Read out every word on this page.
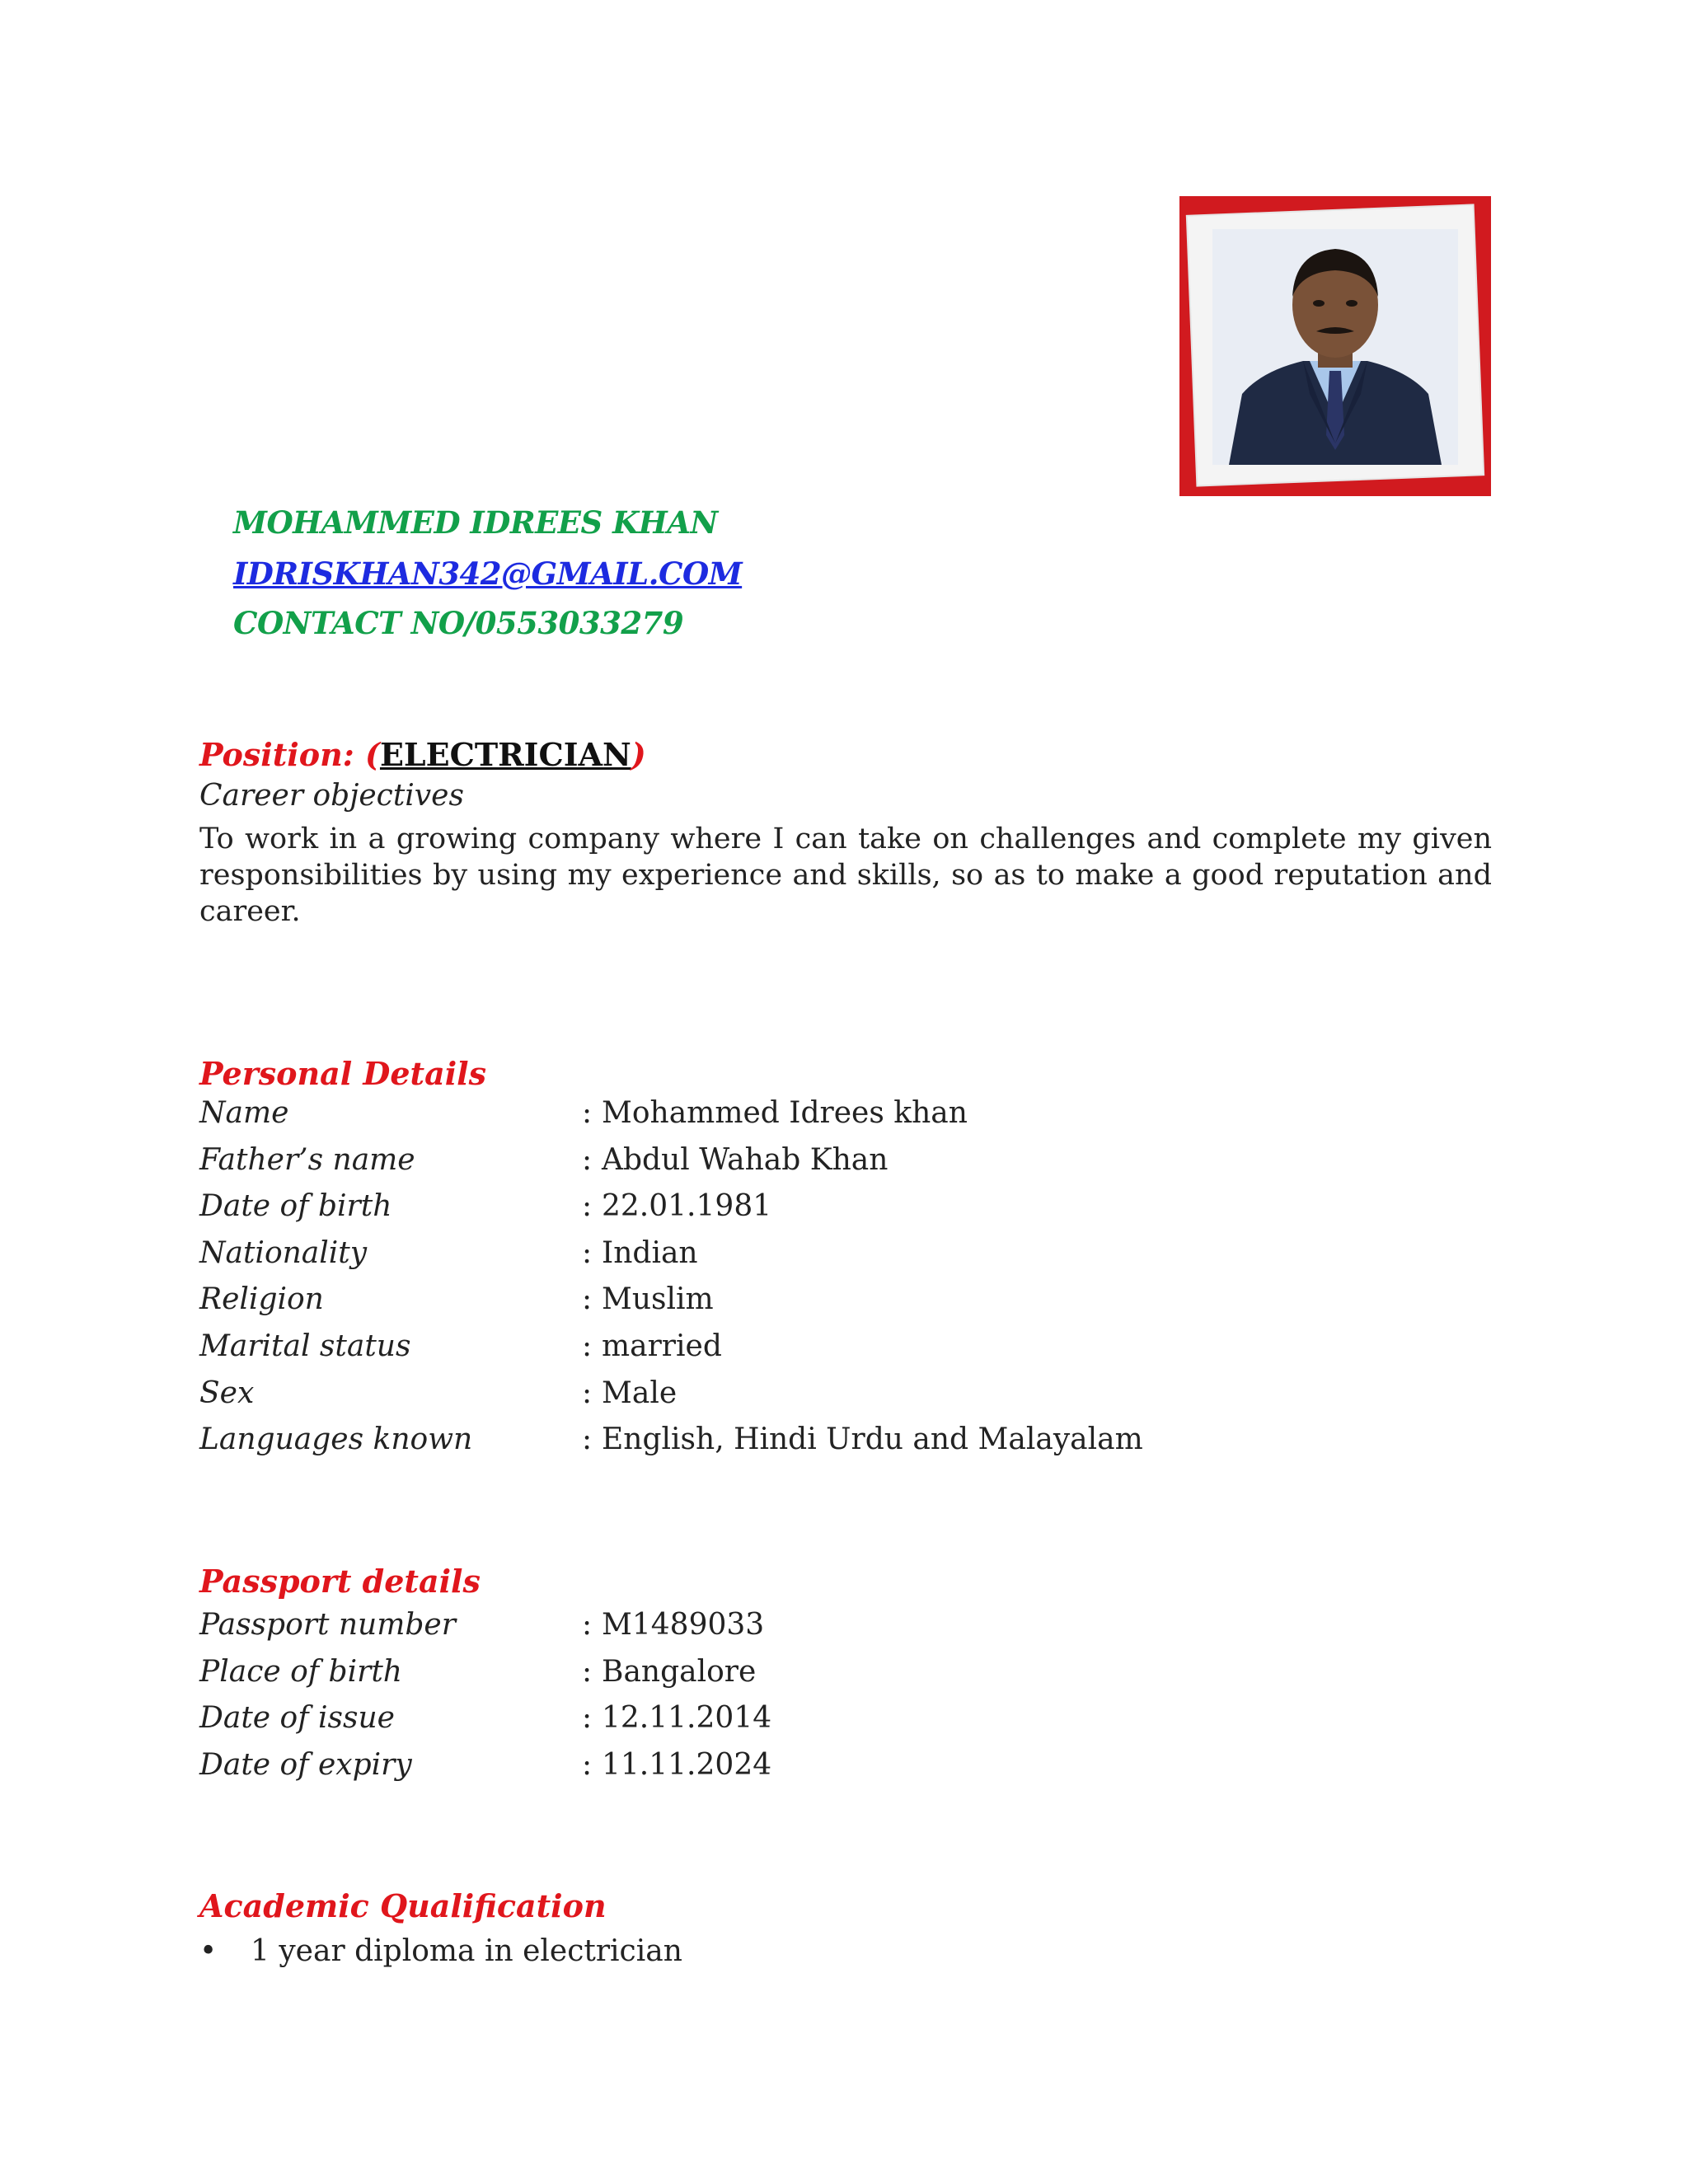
MOHAMMED IDREES KHAN
IDRISKHAN342@GMAIL.COM
CONTACT NO/0553033279
Position: (ELECTRICIAN)
Career objectives
To work in a growing company where I can take on challenges and complete my given responsibilities by using my experience and skills, so as to make a good reputation and career.
Personal Details
Name	: Mohammed Idrees khan
Father’s name	: Abdul Wahab Khan
Date of birth	: 22.01.1981
Nationality	: Indian
Religion	: Muslim
Marital status	: married
Sex	: Male
Languages known	: English, Hindi Urdu and Malayalam
Passport details
Passport number	: M1489033
Place of birth	: Bangalore
Date of issue	: 12.11.2014
Date of expiry	: 11.11.2024
Academic Qualification
• 1 year diploma in electrician
